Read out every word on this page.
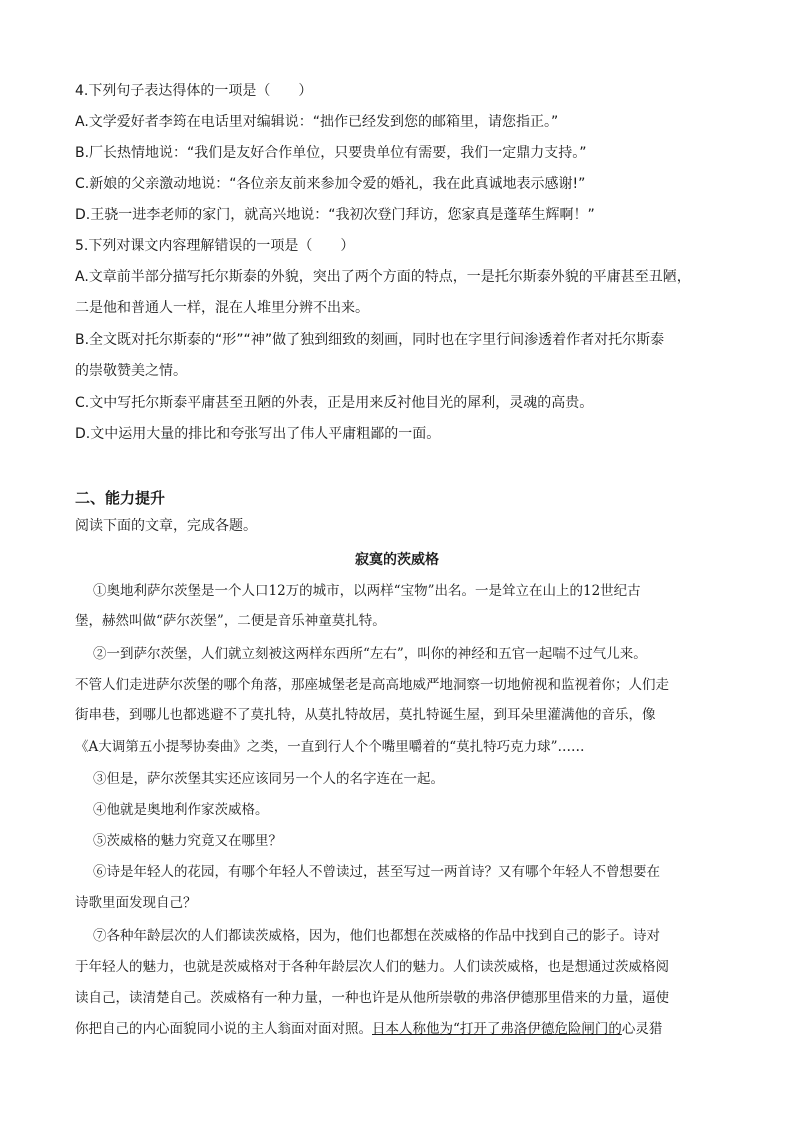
4.下列句子表达得体的一项是（　　）
A.文学爱好者李筠在电话里对编辑说：“拙作已经发到您的邮箱里，请您指正。”
B.厂长热情地说：“我们是友好合作单位，只要贵单位有需要，我们一定鼎力支持。”
C.新娘的父亲激动地说：“各位亲友前来参加令爱的婚礼，我在此真诚地表示感谢!”
D.王骁一进李老师的家门，就高兴地说：“我初次登门拜访，您家真是蓬荜生辉啊！”
5.下列对课文内容理解错误的一项是（　　）
A.文章前半部分描写托尔斯泰的外貌，突出了两个方面的特点，一是托尔斯泰外貌的平庸甚至丑陋，
二是他和普通人一样，混在人堆里分辨不出来。
B.全文既对托尔斯泰的“形”“神”做了独到细致的刻画，同时也在字里行间渗透着作者对托尔斯泰
的崇敬赞美之情。
C.文中写托尔斯泰平庸甚至丑陋的外表，正是用来反衬他目光的犀利，灵魂的高贵。
D.文中运用大量的排比和夸张写出了伟人平庸粗鄙的一面。
二、能力提升
阅读下面的文章，完成各题。
寂寞的茨威格
①奥地利萨尔茨堡是一个人口12万的城市，以两样“宝物”出名。一是耸立在山上的12世纪古
堡，赫然叫做“萨尔茨堡”，二便是音乐神童莫扎特。
②一到萨尔茨堡，人们就立刻被这两样东西所“左右”，叫你的神经和五官一起喘不过气儿来。
不管人们走进萨尔茨堡的哪个角落，那座城堡老是高高地威严地洞察一切地俯视和监视着你；人们走
街串巷，到哪儿也都逃避不了莫扎特，从莫扎特故居，莫扎特诞生屋，到耳朵里灌满他的音乐，像
《A大调第五小提琴协奏曲》之类，一直到行人个个嘴里嚼着的“莫扎特巧克力球”……
③但是，萨尔茨堡其实还应该同另一个人的名字连在一起。
④他就是奥地利作家茨威格。
⑤茨威格的魅力究竟又在哪里？
⑥诗是年轻人的花园，有哪个年轻人不曾读过，甚至写过一两首诗？又有哪个年轻人不曾想要在
诗歌里面发现自己？
⑦各种年龄层次的人们都读茨威格，因为，他们也都想在茨威格的作品中找到自己的影子。诗对
于年轻人的魅力，也就是茨威格对于各种年龄层次人们的魅力。人们读茨威格，也是想通过茨威格阅
读自己，读清楚自己。茨威格有一种力量，一种也许是从他所崇敬的弗洛伊德那里借来的力量，逼使
你把自己的内心面貌同小说的主人翁面对面对照。日本人称他为“打开了弗洛伊德危险闸门的心灵猎
